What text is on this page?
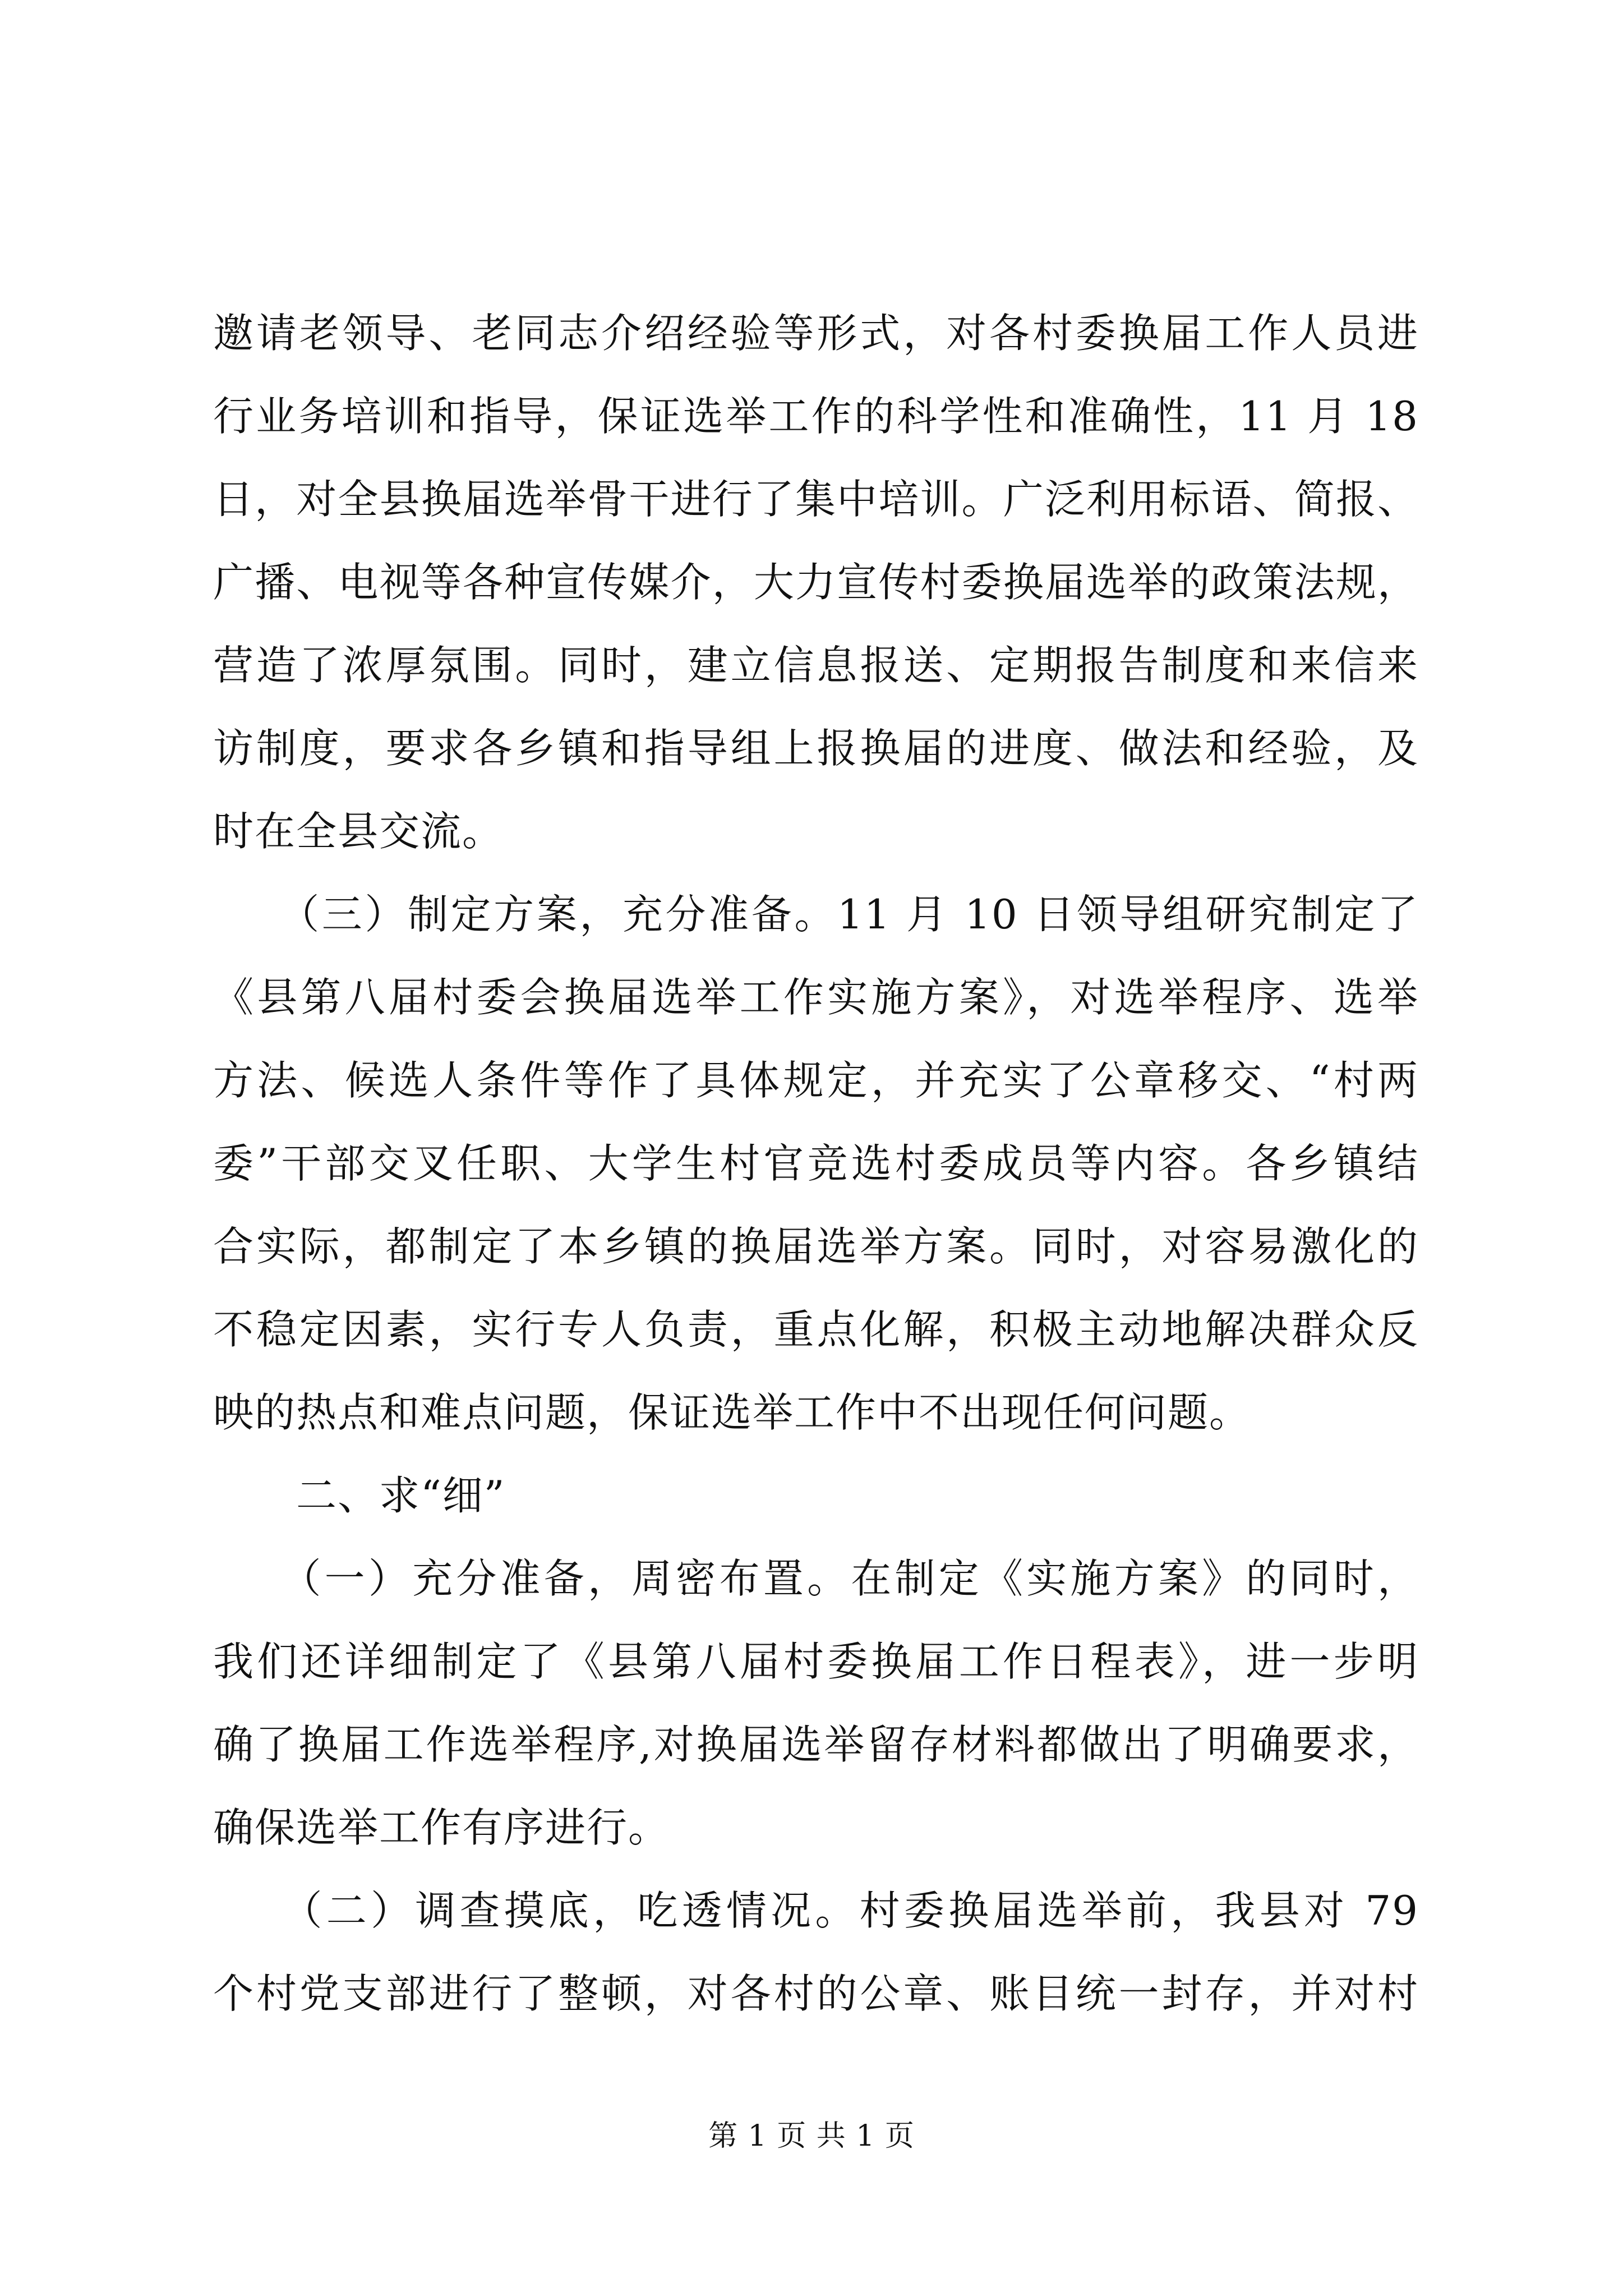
邀请老领导、老同志介绍经验等形式，对各村委换届工作人员进
行业务培训和指导，保证选举工作的科学性和准确性，11 月 18
日，对全县换届选举骨干进行了集中培训。广泛利用标语、简报、
广播、电视等各种宣传媒介，大力宣传村委换届选举的政策法规，
营造了浓厚氛围。同时，建立信息报送、定期报告制度和来信来
访制度，要求各乡镇和指导组上报换届的进度、做法和经验，及
时在全县交流。
　　（三）制定方案，充分准备。11 月 10 日领导组研究制定了
《县第八届村委会换届选举工作实施方案》，对选举程序、选举
方法、候选人条件等作了具体规定，并充实了公章移交、“村两
委”干部交叉任职、大学生村官竞选村委成员等内容。各乡镇结
合实际，都制定了本乡镇的换届选举方案。同时，对容易激化的
不稳定因素，实行专人负责，重点化解，积极主动地解决群众反
映的热点和难点问题，保证选举工作中不出现任何问题。
　　二、求“细”
　　（一）充分准备，周密布置。在制定《实施方案》的同时，
我们还详细制定了《县第八届村委换届工作日程表》，进一步明
确了换届工作选举程序,对换届选举留存材料都做出了明确要求，
确保选举工作有序进行。
　　（二）调查摸底，吃透情况。村委换届选举前，我县对 79
个村党支部进行了整顿，对各村的公章、账目统一封存，并对村
第 1 页 共 1 页
